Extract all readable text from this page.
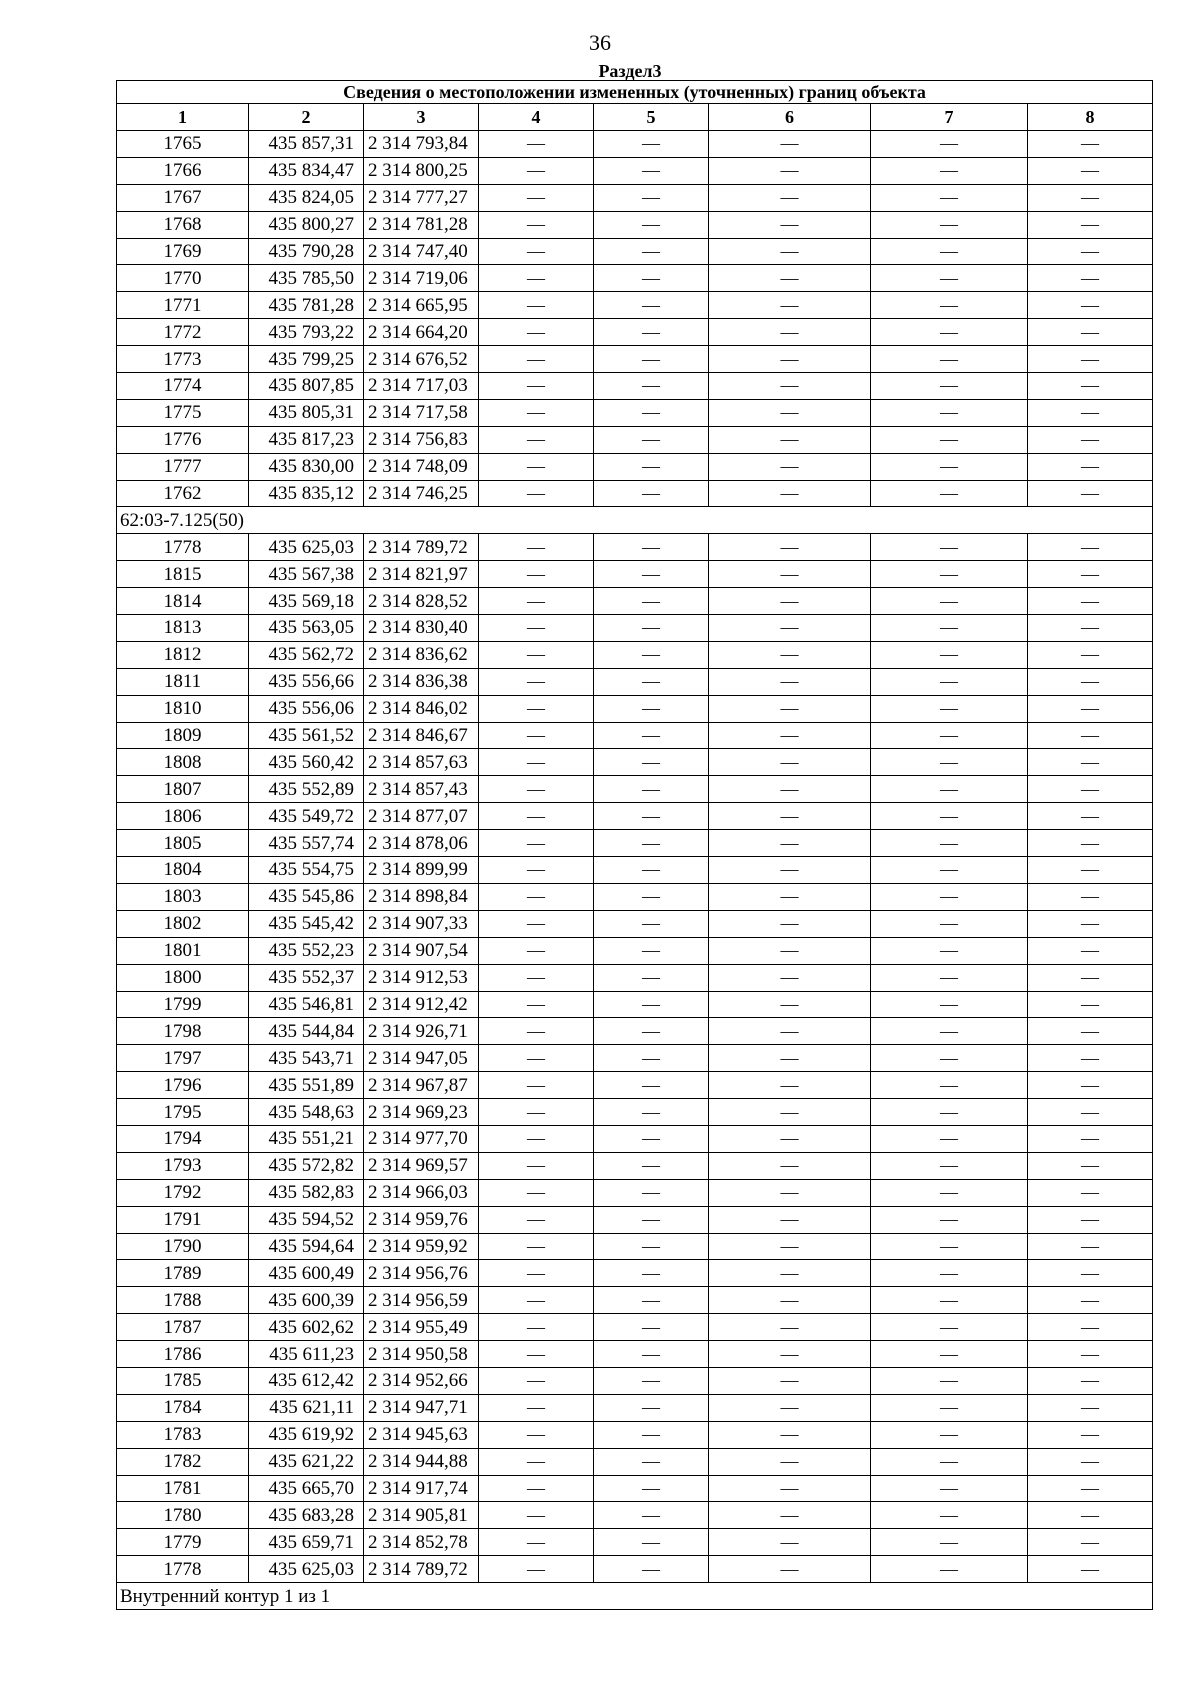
36
Раздел3
Сведения о местоположении измененных (уточненных) границ объекта							
1	2	3	4	5	6	7	8
1765	435 857,31	2 314 793,84	—	—	—	—	—
1766	435 834,47	2 314 800,25	—	—	—	—	—
1767	435 824,05	2 314 777,27	—	—	—	—	—
1768	435 800,27	2 314 781,28	—	—	—	—	—
1769	435 790,28	2 314 747,40	—	—	—	—	—
1770	435 785,50	2 314 719,06	—	—	—	—	—
1771	435 781,28	2 314 665,95	—	—	—	—	—
1772	435 793,22	2 314 664,20	—	—	—	—	—
1773	435 799,25	2 314 676,52	—	—	—	—	—
1774	435 807,85	2 314 717,03	—	—	—	—	—
1775	435 805,31	2 314 717,58	—	—	—	—	—
1776	435 817,23	2 314 756,83	—	—	—	—	—
1777	435 830,00	2 314 748,09	—	—	—	—	—
1762	435 835,12	2 314 746,25	—	—	—	—	—
62:03-7.125(50)							
1778	435 625,03	2 314 789,72	—	—	—	—	—
1815	435 567,38	2 314 821,97	—	—	—	—	—
1814	435 569,18	2 314 828,52	—	—	—	—	—
1813	435 563,05	2 314 830,40	—	—	—	—	—
1812	435 562,72	2 314 836,62	—	—	—	—	—
1811	435 556,66	2 314 836,38	—	—	—	—	—
1810	435 556,06	2 314 846,02	—	—	—	—	—
1809	435 561,52	2 314 846,67	—	—	—	—	—
1808	435 560,42	2 314 857,63	—	—	—	—	—
1807	435 552,89	2 314 857,43	—	—	—	—	—
1806	435 549,72	2 314 877,07	—	—	—	—	—
1805	435 557,74	2 314 878,06	—	—	—	—	—
1804	435 554,75	2 314 899,99	—	—	—	—	—
1803	435 545,86	2 314 898,84	—	—	—	—	—
1802	435 545,42	2 314 907,33	—	—	—	—	—
1801	435 552,23	2 314 907,54	—	—	—	—	—
1800	435 552,37	2 314 912,53	—	—	—	—	—
1799	435 546,81	2 314 912,42	—	—	—	—	—
1798	435 544,84	2 314 926,71	—	—	—	—	—
1797	435 543,71	2 314 947,05	—	—	—	—	—
1796	435 551,89	2 314 967,87	—	—	—	—	—
1795	435 548,63	2 314 969,23	—	—	—	—	—
1794	435 551,21	2 314 977,70	—	—	—	—	—
1793	435 572,82	2 314 969,57	—	—	—	—	—
1792	435 582,83	2 314 966,03	—	—	—	—	—
1791	435 594,52	2 314 959,76	—	—	—	—	—
1790	435 594,64	2 314 959,92	—	—	—	—	—
1789	435 600,49	2 314 956,76	—	—	—	—	—
1788	435 600,39	2 314 956,59	—	—	—	—	—
1787	435 602,62	2 314 955,49	—	—	—	—	—
1786	435 611,23	2 314 950,58	—	—	—	—	—
1785	435 612,42	2 314 952,66	—	—	—	—	—
1784	435 621,11	2 314 947,71	—	—	—	—	—
1783	435 619,92	2 314 945,63	—	—	—	—	—
1782	435 621,22	2 314 944,88	—	—	—	—	—
1781	435 665,70	2 314 917,74	—	—	—	—	—
1780	435 683,28	2 314 905,81	—	—	—	—	—
1779	435 659,71	2 314 852,78	—	—	—	—	—
1778	435 625,03	2 314 789,72	—	—	—	—	—
Внутренний контур 1 из 1							
